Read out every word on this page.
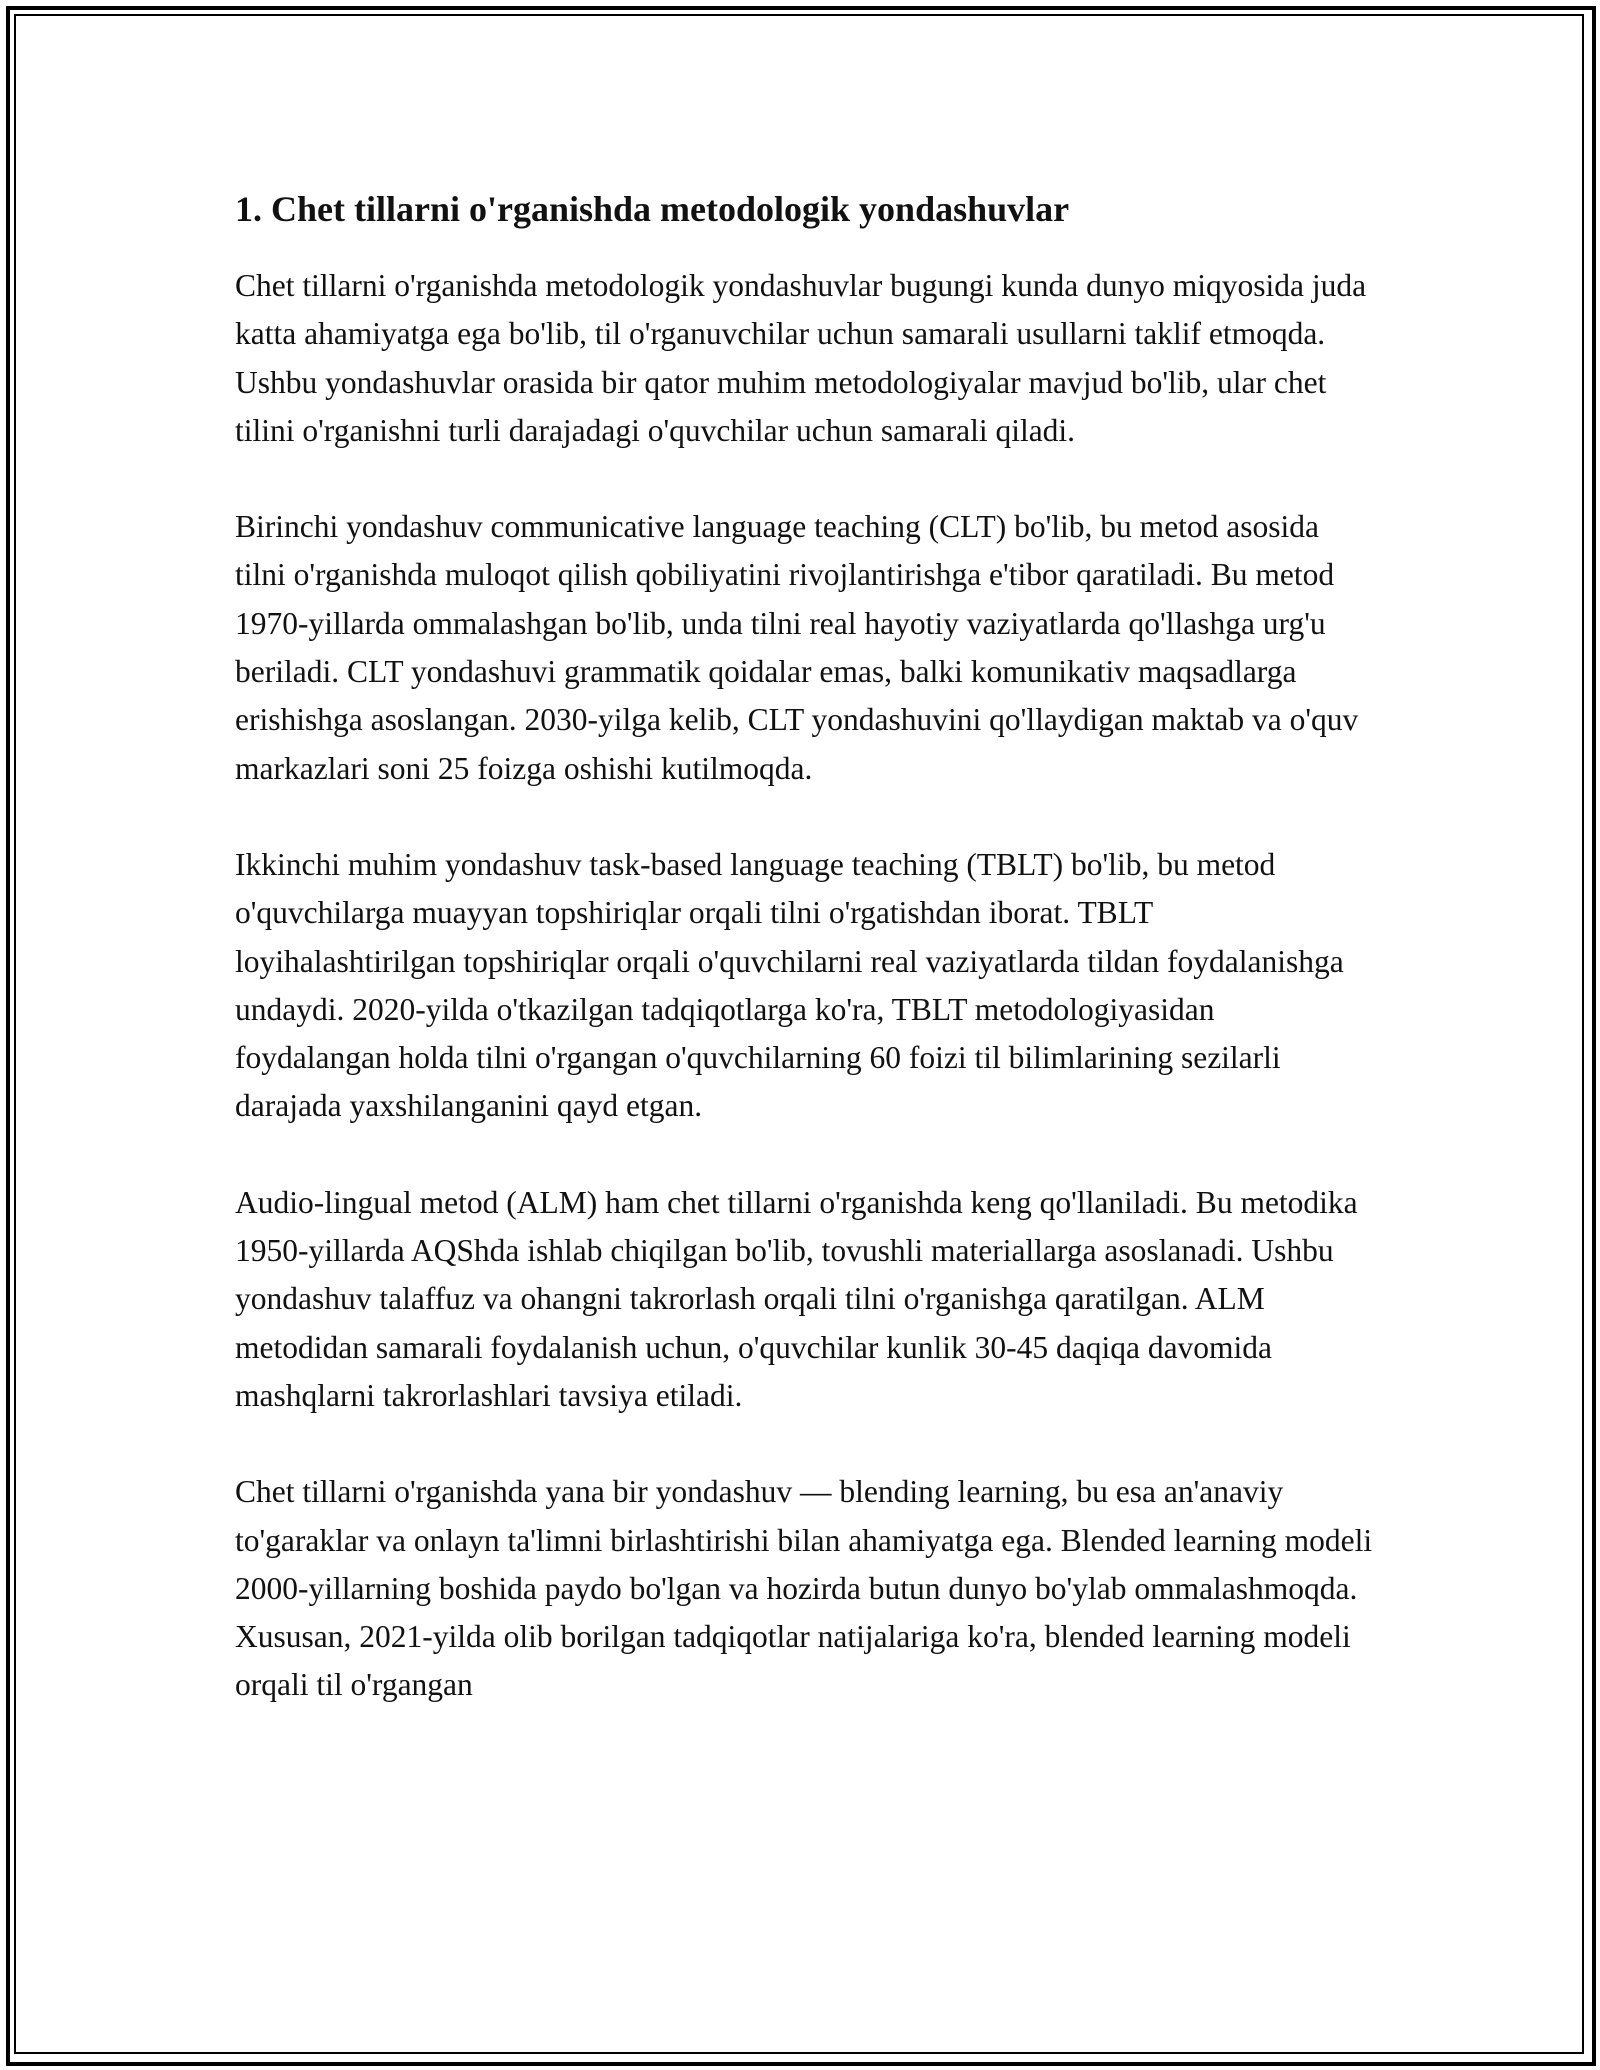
1. Chet tillarni o'rganishda metodologik yondashuvlar

Chet tillarni o'rganishda metodologik yondashuvlar bugungi kunda dunyo miqyosida juda katta ahamiyatga ega bo'lib, til o'rganuvchilar uchun samarali usullarni taklif etmoqda. Ushbu yondashuvlar orasida bir qator muhim metodologiyalar mavjud bo'lib, ular chet tilini o'rganishni turli darajadagi o'quvchilar uchun samarali qiladi.

Birinchi yondashuv communicative language teaching (CLT) bo'lib, bu metod asosida tilni o'rganishda muloqot qilish qobiliyatini rivojlantirishga e'tibor qaratiladi. Bu metod 1970-yillarda ommalashgan bo'lib, unda tilni real hayotiy vaziyatlarda qo'llashga urg'u beriladi. CLT yondashuvi grammatik qoidalar emas, balki komunikativ maqsadlarga erishishga asoslangan. 2030-yilga kelib, CLT yondashuvini qo'llaydigan maktab va o'quv markazlari soni 25 foizga oshishi kutilmoqda.

Ikkinchi muhim yondashuv task-based language teaching (TBLT) bo'lib, bu metod o'quvchilarga muayyan topshiriqlar orqali tilni o'rgatishdan iborat. TBLT loyihalashtirilgan topshiriqlar orqali o'quvchilarni real vaziyatlarda tildan foydalanishga undaydi. 2020-yilda o'tkazilgan tadqiqotlarga ko'ra, TBLT metodologiyasidan foydalangan holda tilni o'rgangan o'quvchilarning 60 foizi til bilimlarining sezilarli darajada yaxshilanganini qayd etgan.

Audio-lingual metod (ALM) ham chet tillarni o'rganishda keng qo'llaniladi. Bu metodika 1950-yillarda AQShda ishlab chiqilgan bo'lib, tovushli materiallarga asoslanadi. Ushbu yondashuv talaffuz va ohangni takrorlash orqali tilni o'rganishga qaratilgan. ALM metodidan samarali foydalanish uchun, o'quvchilar kunlik 30-45 daqiqa davomida mashqlarni takrorlashlari tavsiya etiladi.

Chet tillarni o'rganishda yana bir yondashuv — blending learning, bu esa an'anaviy to'garaklar va onlayn ta'limni birlashtirishi bilan ahamiyatga ega. Blended learning modeli 2000-yillarning boshida paydo bo'lgan va hozirda butun dunyo bo'ylab ommalashmoqda. Xususan, 2021-yilda olib borilgan tadqiqotlar natijalariga ko'ra, blended learning modeli orqali til o'rgangan
